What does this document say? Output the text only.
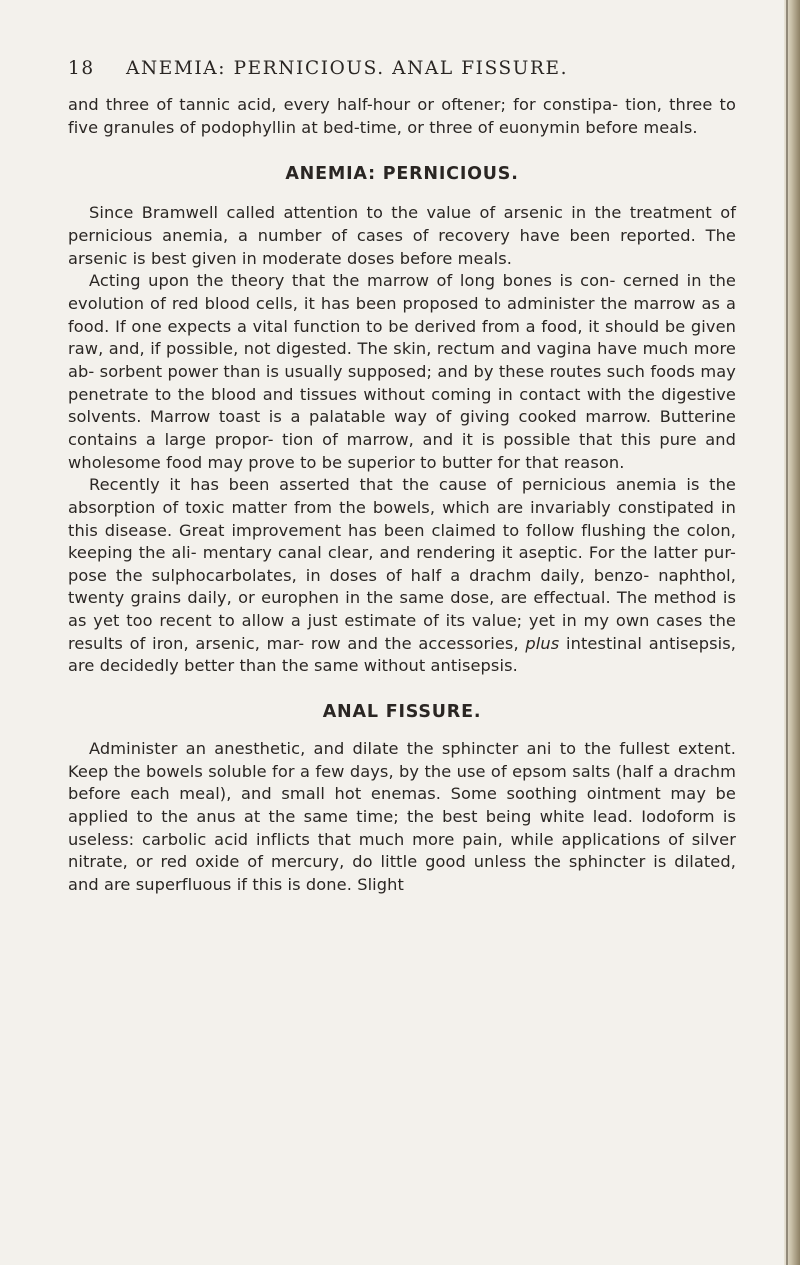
18 ANEMIA: PERNICIOUS. ANAL FISSURE.

and three of tannic acid, every half-hour or oftener; for constipa- tion, three to five granules of podophyllin at bed-time, or three of euonymin before meals.

ANEMIA: PERNICIOUS.

Since Bramwell called attention to the value of arsenic in the treatment of pernicious anemia, a number of cases of recovery have been reported. The arsenic is best given in moderate doses before meals.

Acting upon the theory that the marrow of long bones is con- cerned in the evolution of red blood cells, it has been proposed to administer the marrow as a food. If one expects a vital function to be derived from a food, it should be given raw, and, if possible, not digested. The skin, rectum and vagina have much more ab- sorbent power than is usually supposed; and by these routes such foods may penetrate to the blood and tissues without coming in contact with the digestive solvents. Marrow toast is a palatable way of giving cooked marrow. Butterine contains a large propor- tion of marrow, and it is possible that this pure and wholesome food may prove to be superior to butter for that reason.

Recently it has been asserted that the cause of pernicious anemia is the absorption of toxic matter from the bowels, which are invariably constipated in this disease. Great improvement has been claimed to follow flushing the colon, keeping the ali- mentary canal clear, and rendering it aseptic. For the latter pur- pose the sulphocarbolates, in doses of half a drachm daily, benzo- naphthol, twenty grains daily, or europhen in the same dose, are effectual. The method is as yet too recent to allow a just estimate of its value; yet in my own cases the results of iron, arsenic, mar- row and the accessories, plus intestinal antisepsis, are decidedly better than the same without antisepsis.

ANAL FISSURE.

Administer an anesthetic, and dilate the sphincter ani to the fullest extent. Keep the bowels soluble for a few days, by the use of epsom salts (half a drachm before each meal), and small hot enemas. Some soothing ointment may be applied to the anus at the same time; the best being white lead. Iodoform is useless: carbolic acid inflicts that much more pain, while applications of silver nitrate, or red oxide of mercury, do little good unless the sphincter is dilated, and are superfluous if this is done. Slight
